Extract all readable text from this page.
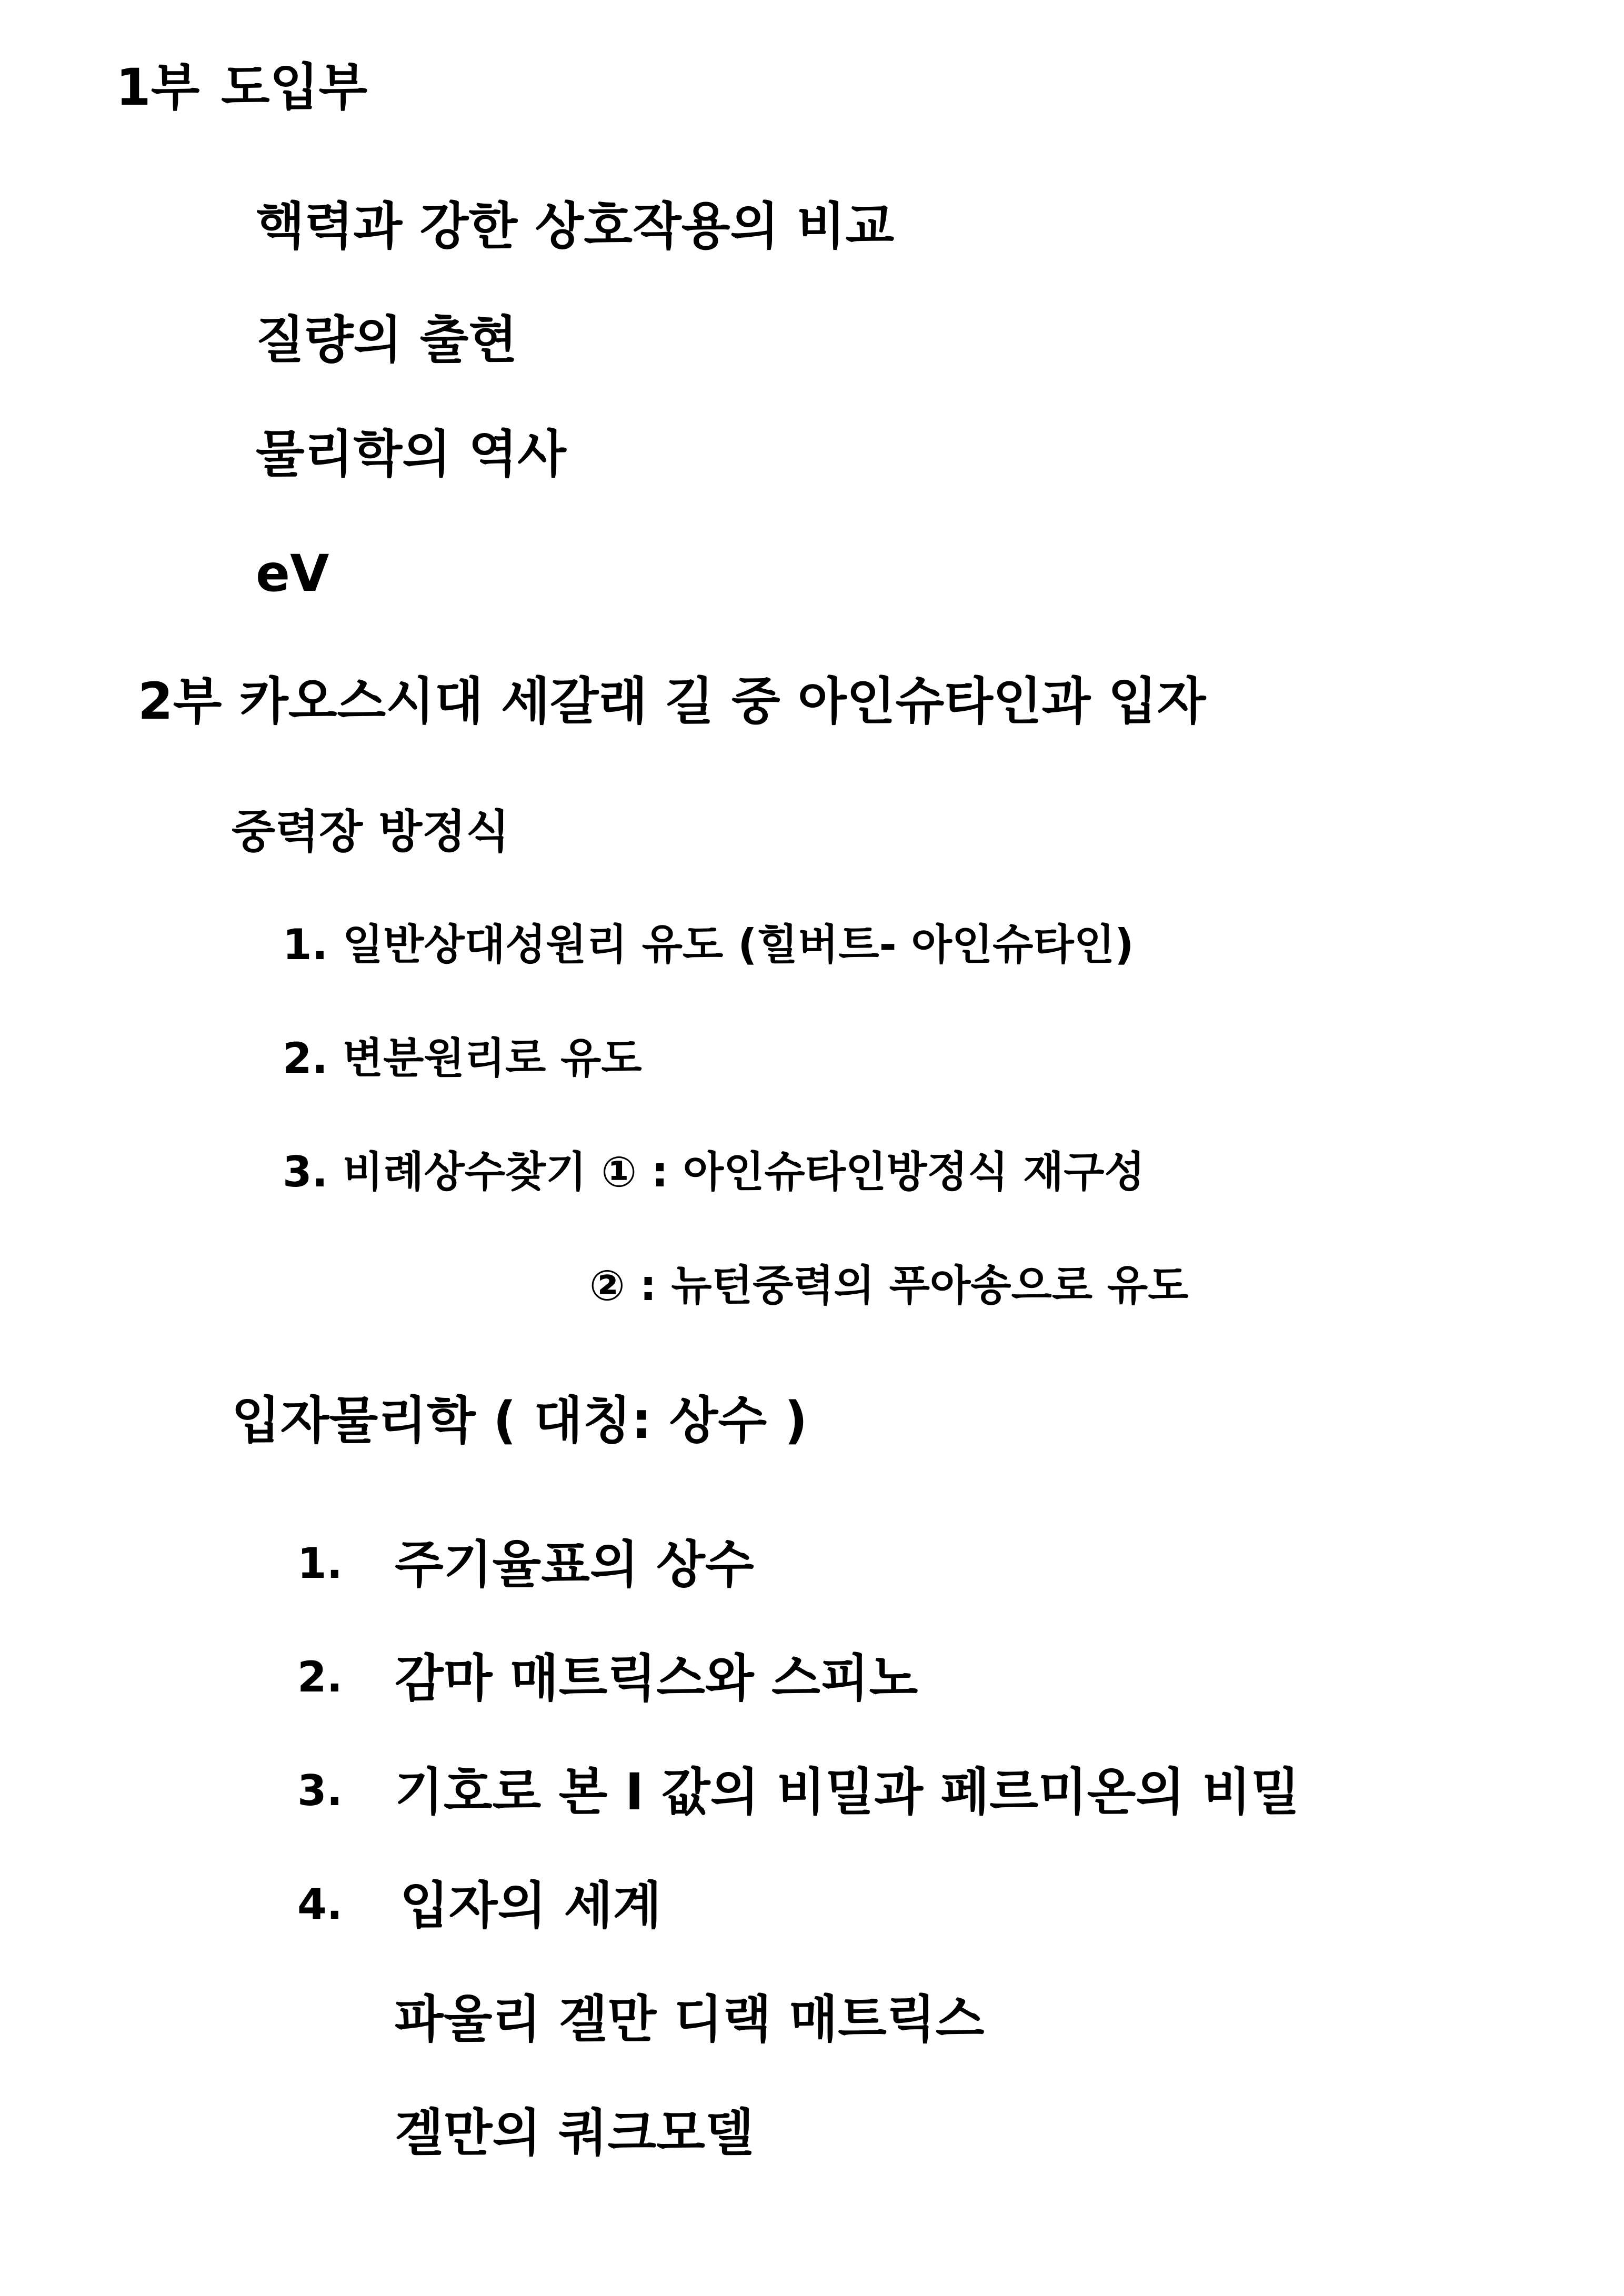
1부 도입부
핵력과 강한 상호작용의 비교
질량의 출현
물리학의 역사
eV
2부 카오스시대 세갈래 길 중 아인슈타인과 입자
중력장 방정식
1. 일반상대성원리 유도 (힐버트- 아인슈타인)
2. 변분원리로 유도
3. 비례상수찾기 ① : 아인슈타인방정식 재구성
② : 뉴턴중력의 푸아송으로 유도
입자물리학 ( 대칭: 상수 )
1. 주기율표의 상수
2. 감마 매트릭스와 스피노
3. 기호로 본 I 값의 비밀과 페르미온의 비밀
4. 입자의 세계
파울리 겔만 디랙 매트릭스
겔만의 쿼크모델
